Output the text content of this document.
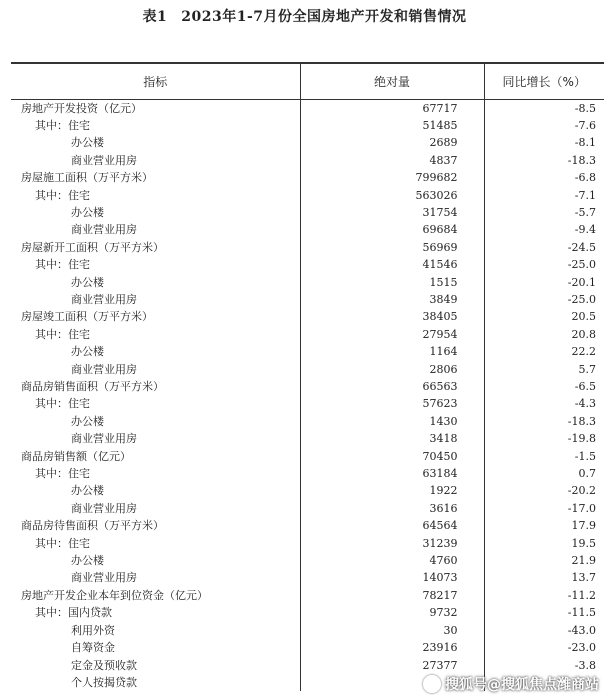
表1 2023年1-7月份全国房地产开发和销售情况
指标	绝对量	同比增长（%）
房地产开发投资（亿元）	67717	-8.5
其中：住宅	51485	-7.6
办公楼	2689	-8.1
商业营业用房	4837	-18.3
房屋施工面积（万平方米）	799682	-6.8
其中：住宅	563026	-7.1
办公楼	31754	-5.7
商业营业用房	69684	-9.4
房屋新开工面积（万平方米）	56969	-24.5
其中：住宅	41546	-25.0
办公楼	1515	-20.1
商业营业用房	3849	-25.0
房屋竣工面积（万平方米）	38405	20.5
其中：住宅	27954	20.8
办公楼	1164	22.2
商业营业用房	2806	5.7
商品房销售面积（万平方米）	66563	-6.5
其中：住宅	57623	-4.3
办公楼	1430	-18.3
商业营业用房	3418	-19.8
商品房销售额（亿元）	70450	-1.5
其中：住宅	63184	0.7
办公楼	1922	-20.2
商业营业用房	3616	-17.0
商品房待售面积（万平方米）	64564	17.9
其中：住宅	31239	19.5
办公楼	4760	21.9
商业营业用房	14073	13.7
房地产开发企业本年到位资金（亿元）	78217	-11.2
其中：国内贷款	9732	-11.5
利用外资	30	-43.0
自筹资金	23916	-23.0
定金及预收款	27377	-3.8
个人按揭贷款			搜狐号@搜狐焦点潍商站
